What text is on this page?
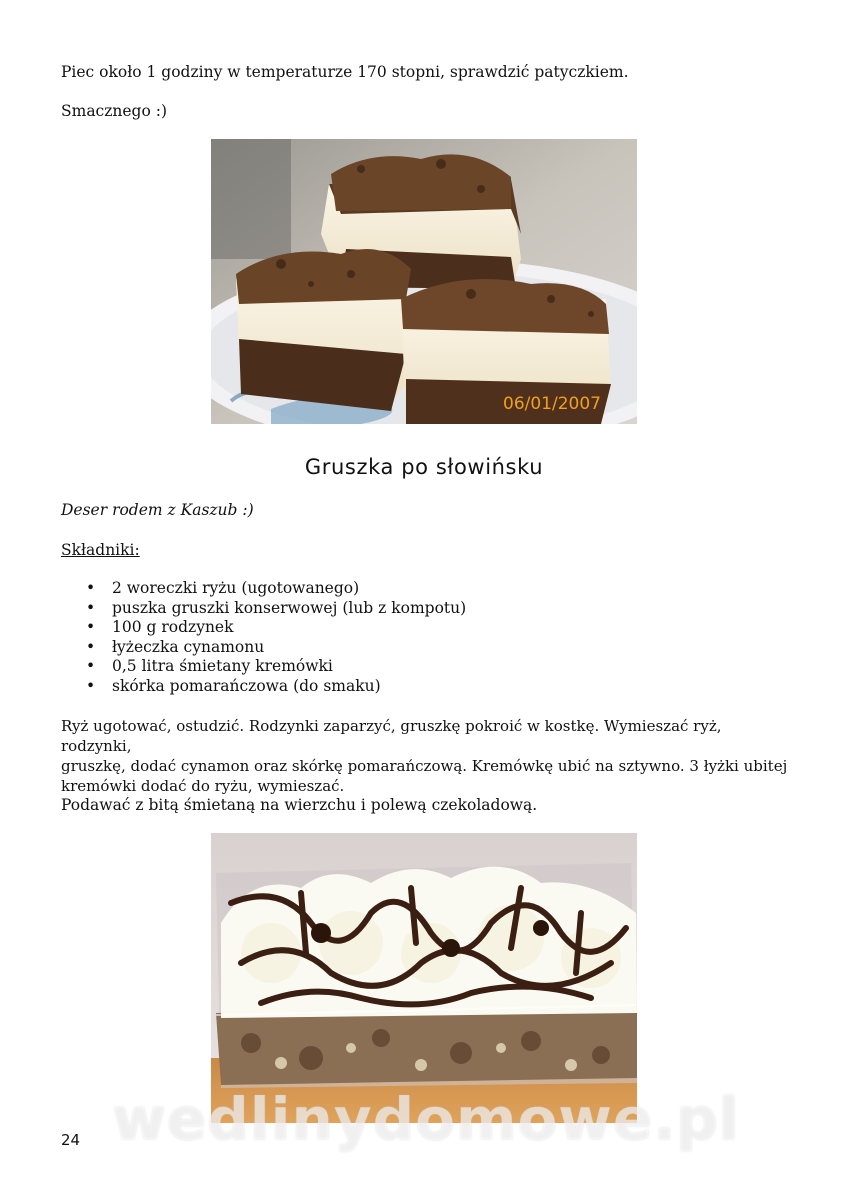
Piec około 1 godziny w temperaturze 170 stopni, sprawdzić patyczkiem.

Smacznego :)

06/01/2007
Gruszka po słowińsku

Deser rodem z Kaszub :)

Składniki:

• 2 woreczki ryżu (ugotowanego)
• puszka gruszki konserwowej (lub z kompotu)
• 100 g rodzynek
• łyżeczka cynamonu
• 0,5 litra śmietany kremówki
• skórka pomarańczowa (do smaku)
Ryż ugotować, ostudzić. Rodzynki zaparzyć, gruszkę pokroić w kostkę. Wymieszać ryż, rodzynki,
gruszkę, dodać cynamon oraz skórkę pomarańczową. Kremówkę ubić na sztywno. 3 łyżki ubitej
kremówki dodać do ryżu, wymieszać.

Podawać z bitą śmietaną na wierzchu i polewą czekoladową.

wedlinydomowe.pl
24
